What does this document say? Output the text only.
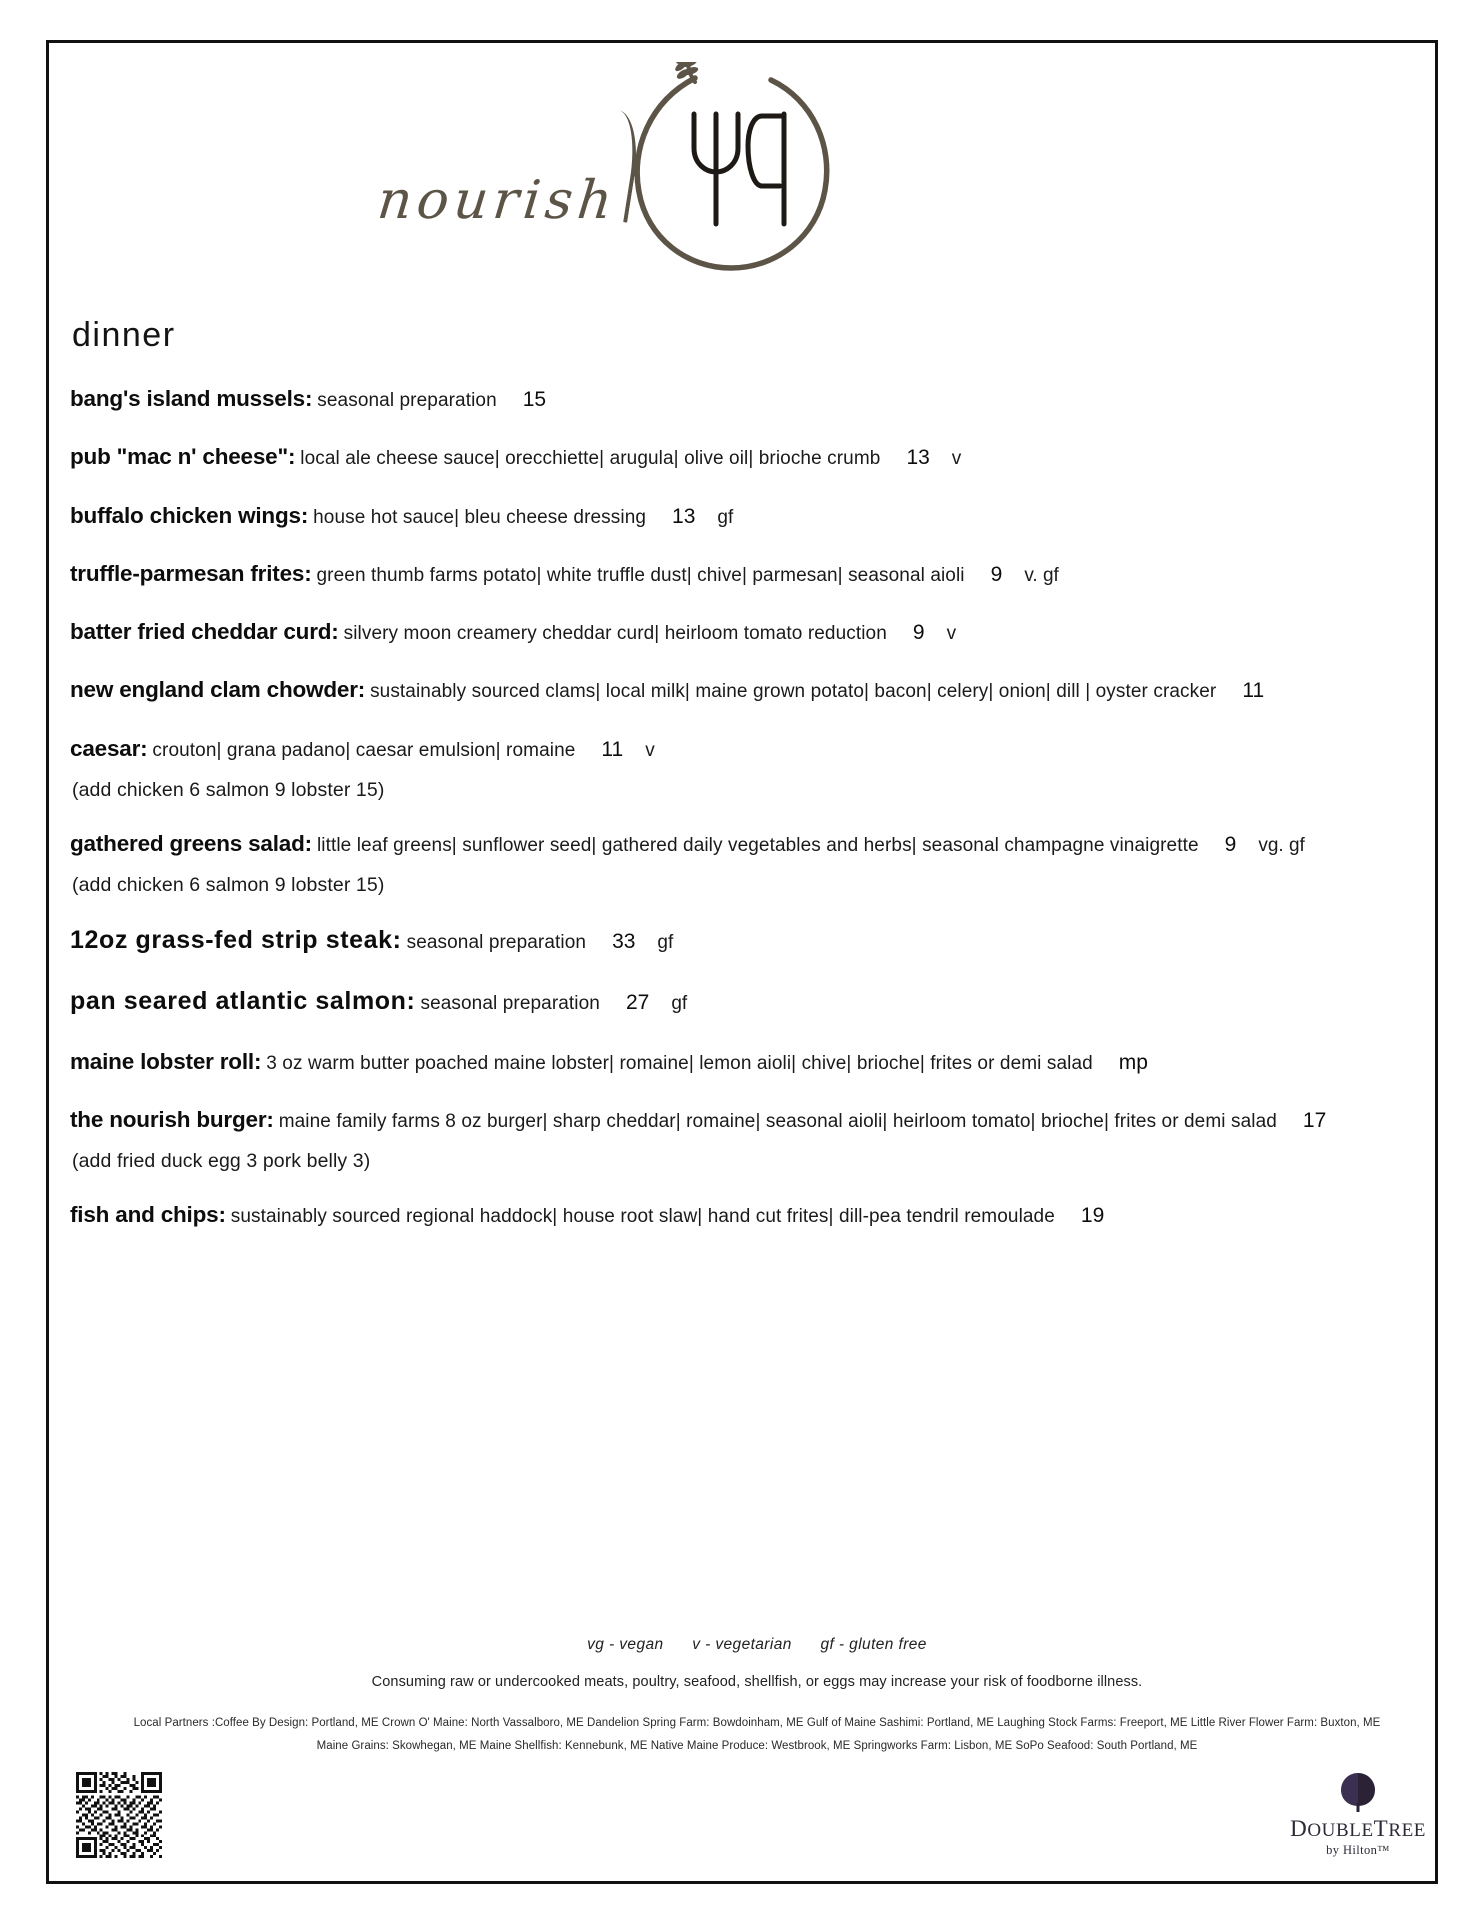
nourish
dinner
bang's island mussels: seasonal preparation 15
pub "mac n' cheese": local ale cheese sauce| orecchiette| arugula| olive oil| brioche crumb 13 v
buffalo chicken wings: house hot sauce| bleu cheese dressing 13 gf
truffle-parmesan frites: green thumb farms potato| white truffle dust| chive| parmesan| seasonal aioli 9 v. gf
batter fried cheddar curd: silvery moon creamery cheddar curd| heirloom tomato reduction 9 v
new england clam chowder: sustainably sourced clams| local milk| maine grown potato| bacon| celery| onion| dill | oyster cracker 11
caesar: crouton| grana padano| caesar emulsion| romaine 11 v
(add chicken 6 salmon 9 lobster 15)
gathered greens salad: little leaf greens| sunflower seed| gathered daily vegetables and herbs| seasonal champagne vinaigrette 9 vg. gf
(add chicken 6 salmon 9 lobster 15)
12oz grass-fed strip steak: seasonal preparation 33 gf
pan seared atlantic salmon: seasonal preparation 27 gf
maine lobster roll: 3 oz warm butter poached maine lobster| romaine| lemon aioli| chive| brioche| frites or demi salad mp
the nourish burger: maine family farms 8 oz burger| sharp cheddar| romaine| seasonal aioli| heirloom tomato| brioche| frites or demi salad 17
(add fried duck egg 3 pork belly 3)
fish and chips: sustainably sourced regional haddock| house root slaw| hand cut frites| dill-pea tendril remoulade 19
vg - vegan v - vegetarian gf - gluten free
Consuming raw or undercooked meats, poultry, seafood, shellfish, or eggs may increase your risk of foodborne illness.
Local Partners :Coffee By Design: Portland, ME Crown O' Maine: North Vassalboro, ME Dandelion Spring Farm: Bowdoinham, ME Gulf of Maine Sashimi: Portland, ME Laughing Stock Farms: Freeport, ME Little River Flower Farm: Buxton, ME
Maine Grains: Skowhegan, ME Maine Shellfish: Kennebunk, ME Native Maine Produce: Westbrook, ME Springworks Farm: Lisbon, ME SoPo Seafood: South Portland, ME
DOUBLETREE
by Hilton™
